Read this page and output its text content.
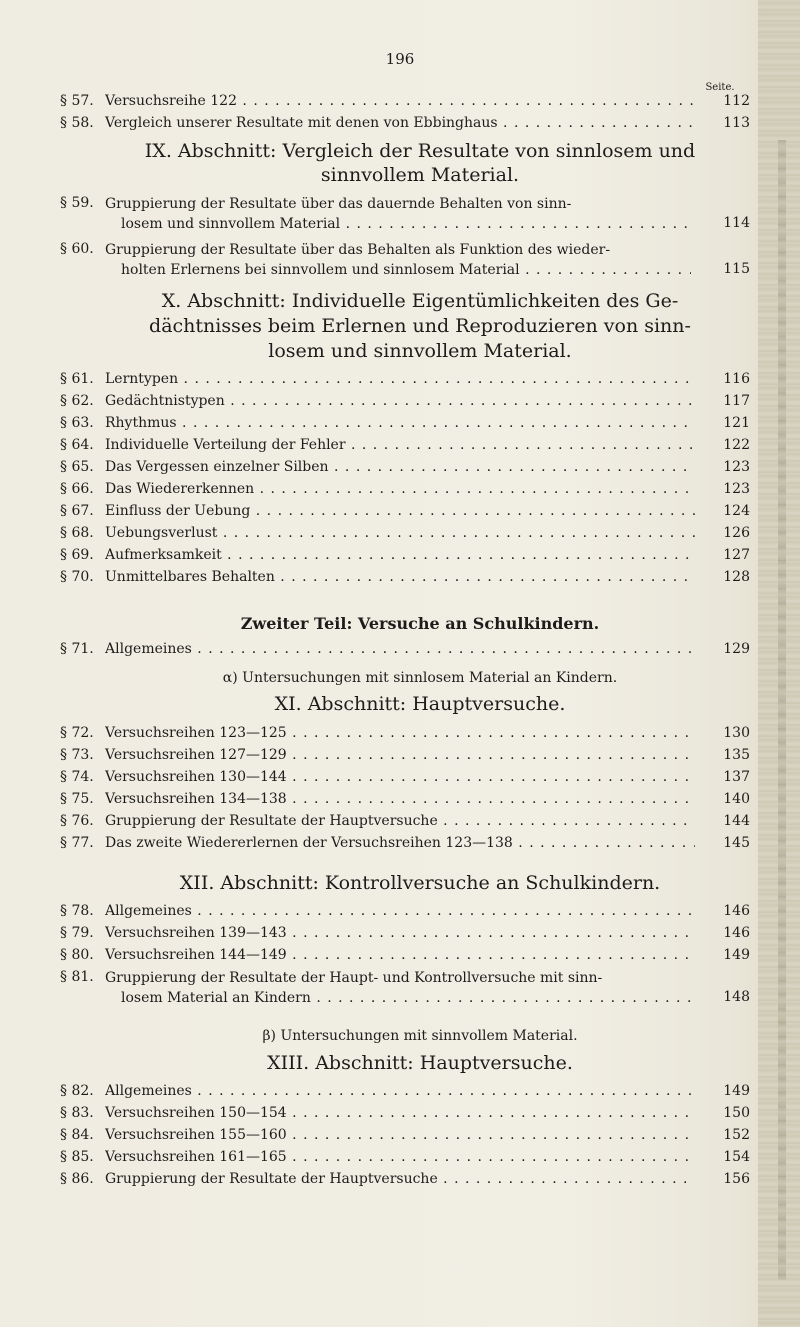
196
Seite.
§ 57. Versuchsreihe 122 . . .	112
§ 58. Vergleich unserer Resultate mit denen von Ebbinghaus . . .	113
IX. Abschnitt: Vergleich der Resultate von sinnlosem und
sinnvollem Material.
§ 59. Gruppierung der Resultate über das dauernde Behalten von sinn-
losem und sinnvollem Material . . .	114
§ 60. Gruppierung der Resultate über das Behalten als Funktion des wieder-
holten Erlernens bei sinnvollem und sinnlosem Material . . .	115
X. Abschnitt: Individuelle Eigentümlichkeiten des Ge-
dächtnisses beim Erlernen und Reproduzieren von sinn-
losem und sinnvollem Material.
§ 61. Lerntypen . . .	116
§ 62. Gedächtnistypen . . .	117
§ 63. Rhythmus . . .	121
§ 64. Individuelle Verteilung der Fehler . . .	122
§ 65. Das Vergessen einzelner Silben . . .	123
§ 66. Das Wiedererkennen . . .	123
§ 67. Einfluss der Uebung . . .	124
§ 68. Uebungsverlust . . .	126
§ 69. Aufmerksamkeit . . .	127
§ 70. Unmittelbares Behalten . . .	128
Zweiter Teil: Versuche an Schulkindern.
§ 71. Allgemeines . . .	129
α) Untersuchungen mit sinnlosem Material an Kindern.
XI. Abschnitt: Hauptversuche.
§ 72. Versuchsreihen 123—125 . . .	130
§ 73. Versuchsreihen 127—129 . . .	135
§ 74. Versuchsreihen 130—144 . . .	137
§ 75. Versuchsreihen 134—138 . . .	140
§ 76. Gruppierung der Resultate der Hauptversuche . . .	144
§ 77. Das zweite Wiedererlernen der Versuchsreihen 123—138 . . .	145
XII. Abschnitt: Kontrollversuche an Schulkindern.
§ 78. Allgemeines . . .	146
§ 79. Versuchsreihen 139—143 . . .	146
§ 80. Versuchsreihen 144—149 . . .	149
§ 81. Gruppierung der Resultate der Haupt- und Kontrollversuche mit sinn-
losem Material an Kindern . . .	148
β) Untersuchungen mit sinnvollem Material.
XIII. Abschnitt: Hauptversuche.
§ 82. Allgemeines . . .	149
§ 83. Versuchsreihen 150—154 . . .	150
§ 84. Versuchsreihen 155—160 . . .	152
§ 85. Versuchsreihen 161—165 . . .	154
§ 86. Gruppierung der Resultate der Hauptversuche . . .	156
